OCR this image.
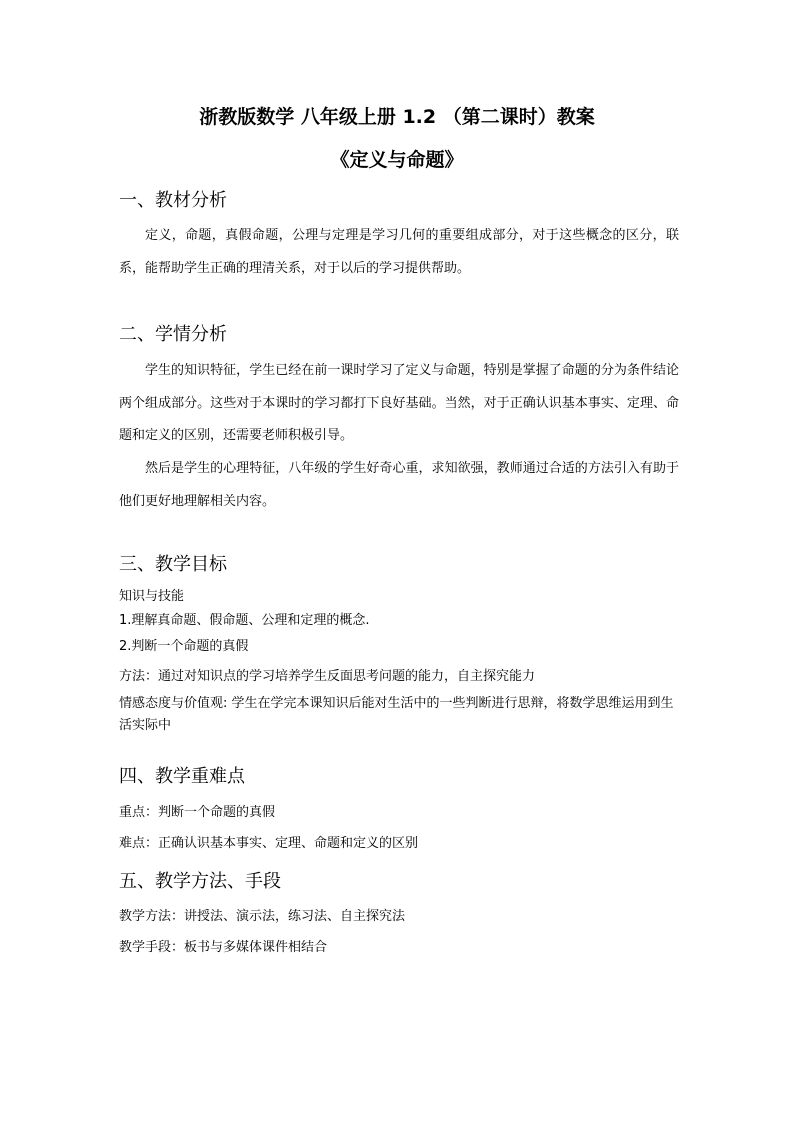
浙教版数学 八年级上册 1.2 （第二课时）教案
《定义与命题》
一、教材分析
定义，命题，真假命题，公理与定理是学习几何的重要组成部分，对于这些概念的区分，联系，能帮助学生正确的理清关系，对于以后的学习提供帮助。
二、学情分析
学生的知识特征，学生已经在前一课时学习了定义与命题，特别是掌握了命题的分为条件结论两个组成部分。这些对于本课时的学习都打下良好基础。当然，对于正确认识基本事实、定理、命题和定义的区别，还需要老师积极引导。
然后是学生的心理特征，八年级的学生好奇心重，求知欲强，教师通过合适的方法引入有助于他们更好地理解相关内容。
三、教学目标
知识与技能
1.理解真命题、假命题、公理和定理的概念.
2.判断一个命题的真假
方法：通过对知识点的学习培养学生反面思考问题的能力，自主探究能力
情感态度与价值观: 学生在学完本课知识后能对生活中的一些判断进行思辩，将数学思维运用到生活实际中
四、教学重难点
重点：判断一个命题的真假
难点：正确认识基本事实、定理、命题和定义的区别
五、教学方法、手段
教学方法：讲授法、演示法，练习法、自主探究法
教学手段：板书与多媒体课件相结合
